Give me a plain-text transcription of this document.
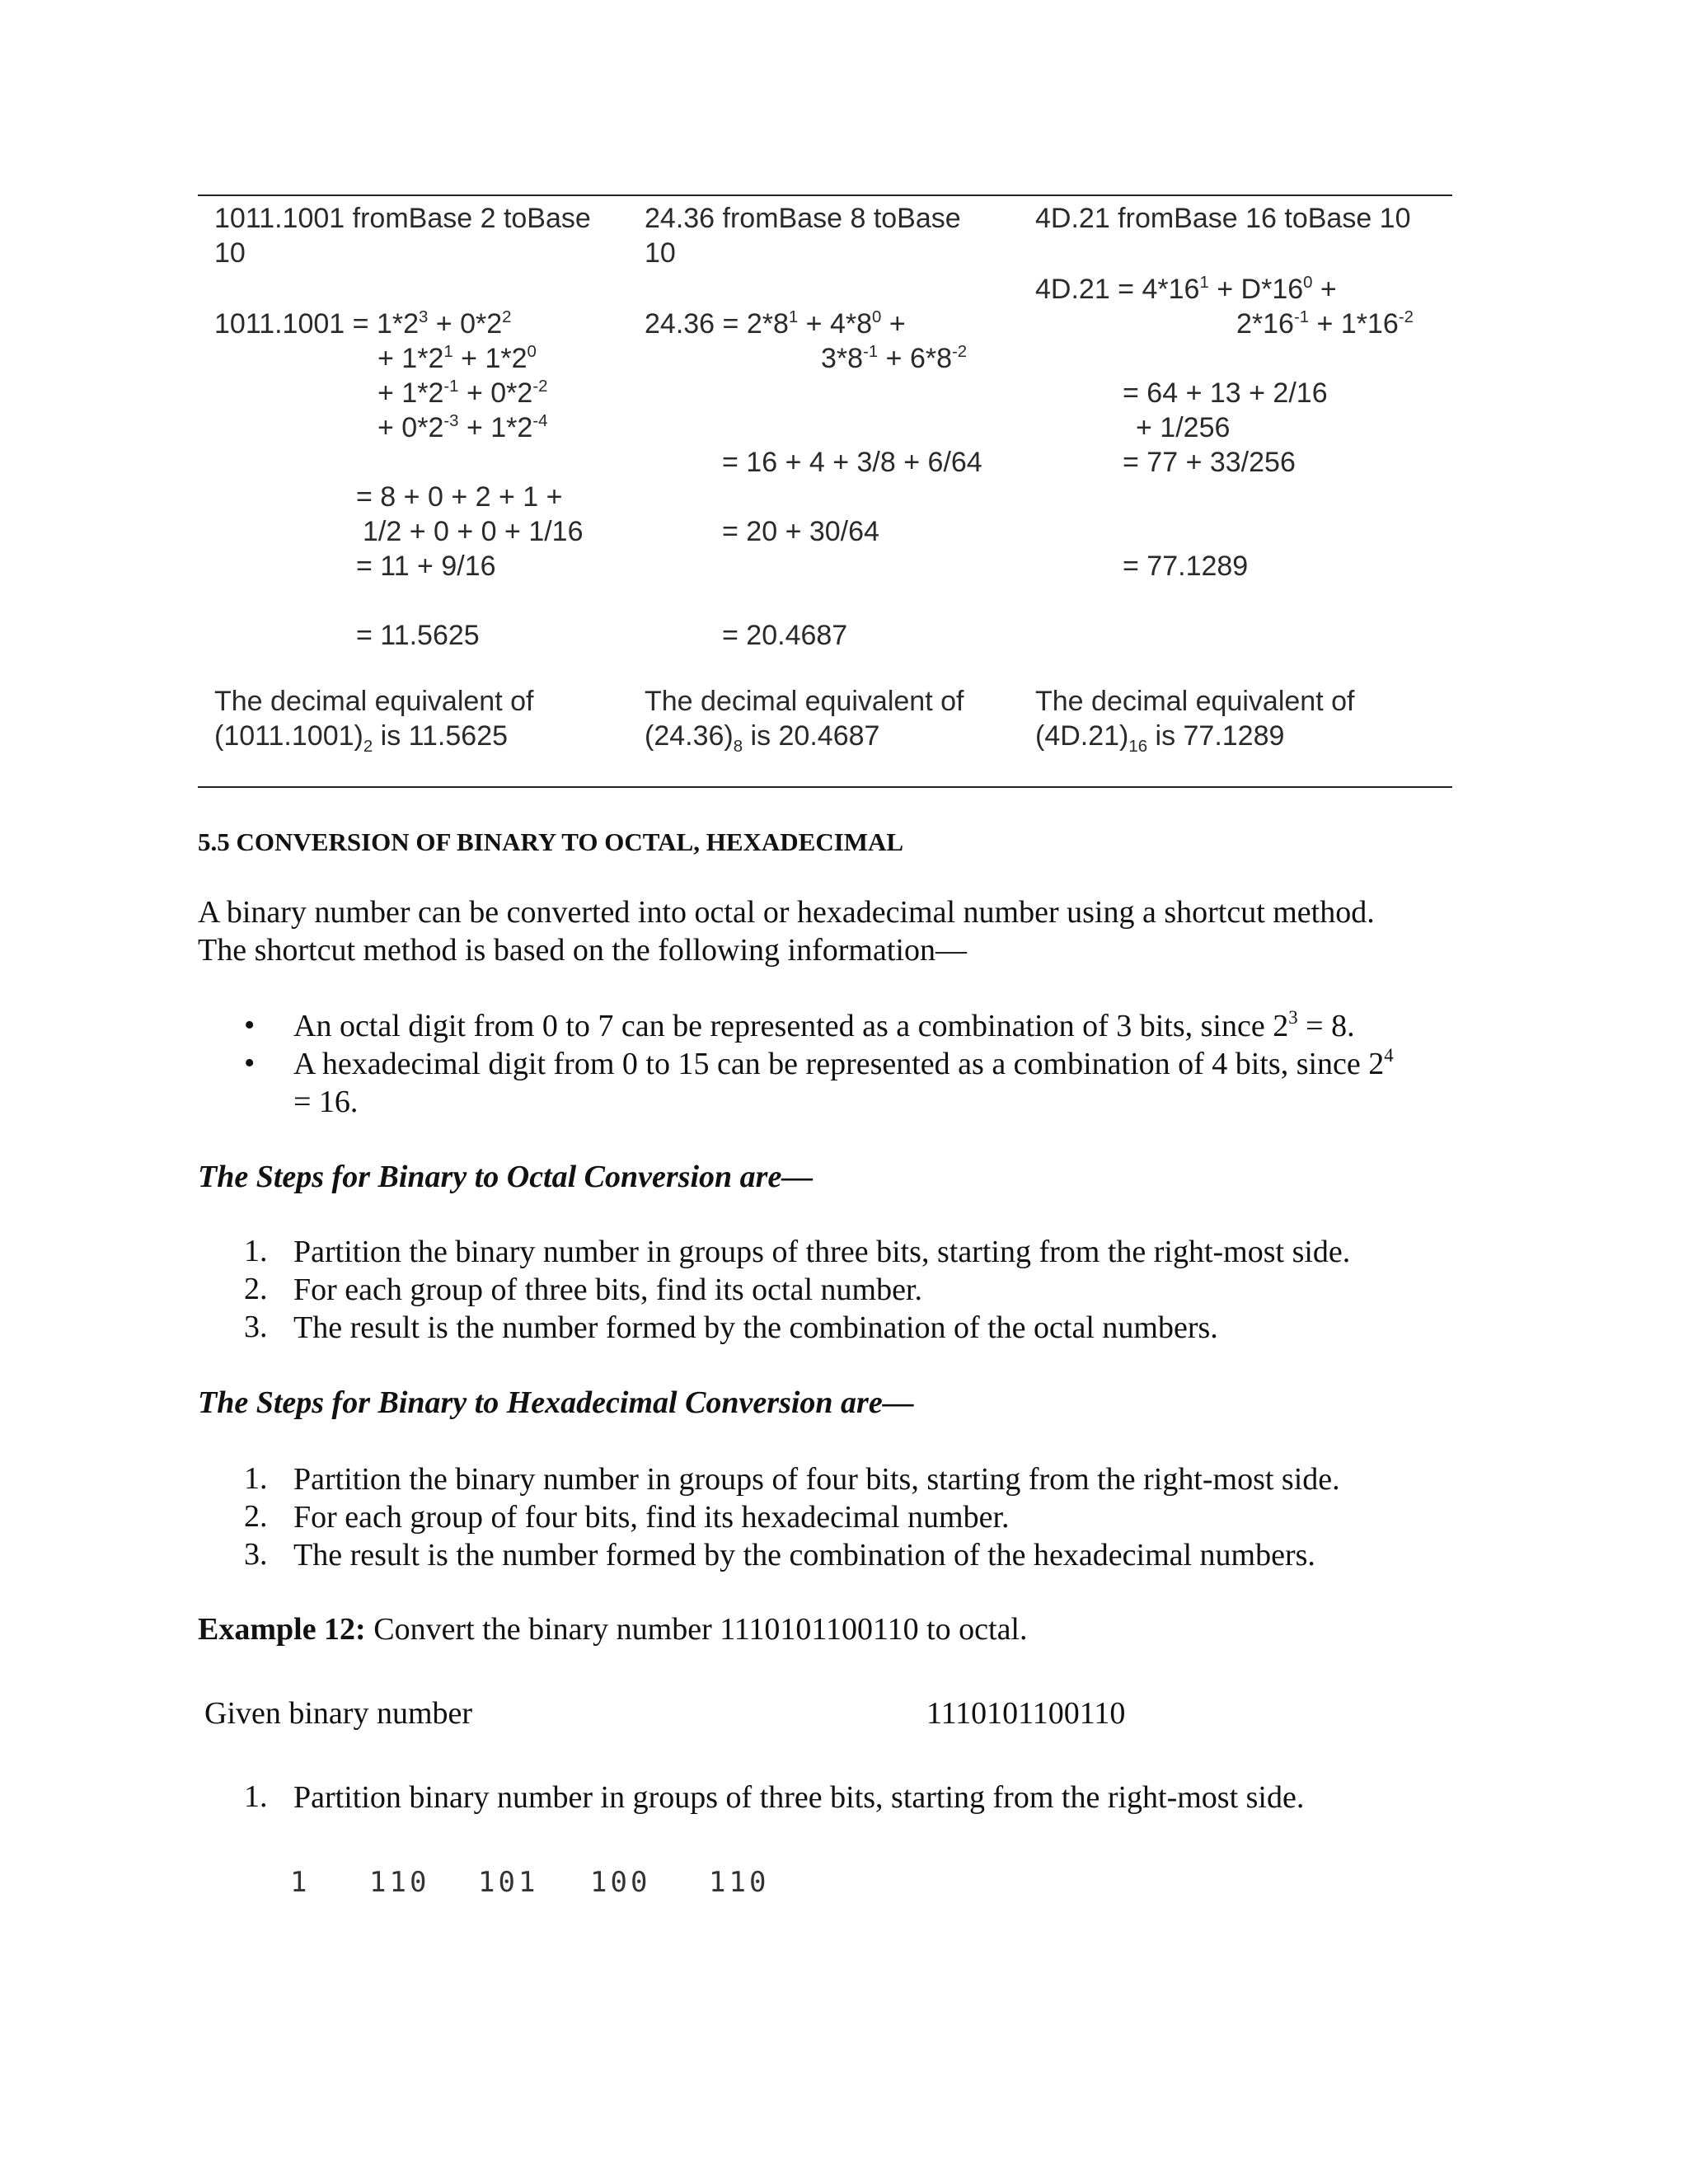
1011.1001 fromBase 2 toBase
10
$1011.1001 = 1*2^3 + 0*2^2$
+ $1*2^1 + 1*2^0$
+ $1*2^{-1} + 0*2^{-2}$
+ $0*2^{-3} + 1*2^{-4}$
= 8 + 0 + 2 + 1 +
1/2 + 0 + 0 + 1/16
= 11 + 9/16
= 11.5625
The decimal equivalent of
$(1011.1001)_2$ is 11.5625
24.36 fromBase 8 toBase
10
$24.36 = 2*8^1 + 4*8^0$ +
$3*8^{-1} + 6*8^{-2}$
= 16 + 4 + 3/8 + 6/64
= 20 + 30/64
= 20.4687
The decimal equivalent of
$(24.36)_8$ is 20.4687
4D.21 fromBase 16 toBase 10
$4D.21 = 4*16^1 + D*16^0$ +
$2*16^{-1} + 1*16^{-2}$
= 64 + 13 + 2/16
+ 1/256
= 77 + 33/256
= 77.1289
The decimal equivalent of
$(4D.21)_{16}$ is 77.1289
5.5 CONVERSION OF BINARY TO OCTAL, HEXADECIMAL
A binary number can be converted into octal or hexadecimal number using a shortcut method.
The shortcut method is based on the following information—
• An octal digit from 0 to 7 can be represented as a combination of 3 bits, since $2^3 = 8$.
• A hexadecimal digit from 0 to 15 can be represented as a combination of 4 bits, since $2^4$
= 16.
The Steps for Binary to Octal Conversion are—
1. Partition the binary number in groups of three bits, starting from the right-most side.
2. For each group of three bits, find its octal number.
3. The result is the number formed by the combination of the octal numbers.
The Steps for Binary to Hexadecimal Conversion are—
1. Partition the binary number in groups of four bits, starting from the right-most side.
2. For each group of four bits, find its hexadecimal number.
3. The result is the number formed by the combination of the hexadecimal numbers.
Example 12: Convert the binary number 1110101100110 to octal.
Given binary number	1110101100110
1. Partition binary number in groups of three bits, starting from the right-most side.
1 110 101 100 110
